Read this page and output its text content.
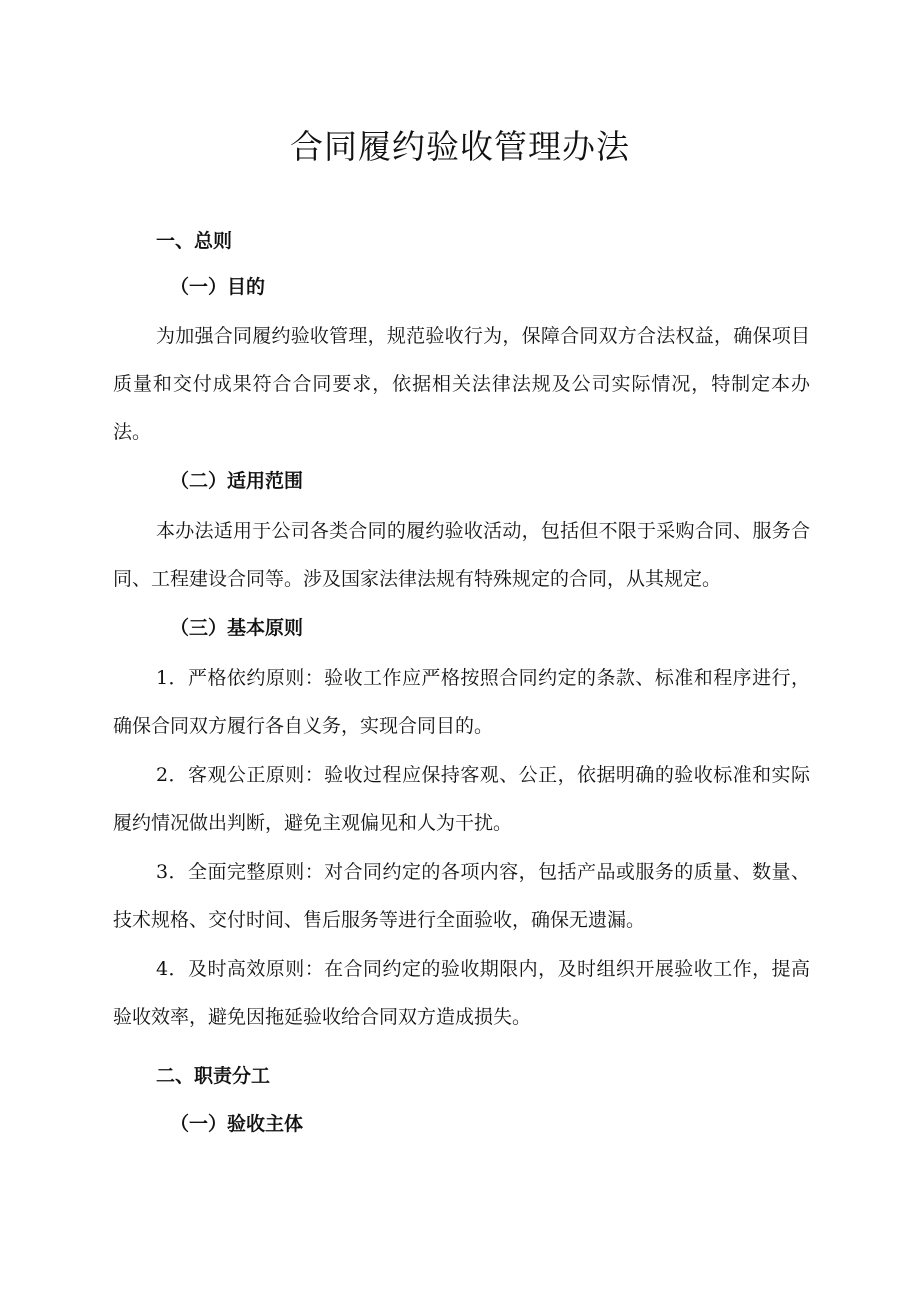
合同履约验收管理办法
一、总则
（一）目的

为加强合同履约验收管理，规范验收行为，保障合同双方合法权益，确保项目质量和交付成果符合合同要求，依据相关法律法规及公司实际情况，特制定本办法。

（二）适用范围

本办法适用于公司各类合同的履约验收活动，包括但不限于采购合同、服务合同、工程建设合同等。涉及国家法律法规有特殊规定的合同，从其规定。

（三）基本原则

1．严格依约原则：验收工作应严格按照合同约定的条款、标准和程序进行，确保合同双方履行各自义务，实现合同目的。

2．客观公正原则：验收过程应保持客观、公正，依据明确的验收标准和实际履约情况做出判断，避免主观偏见和人为干扰。

3．全面完整原则：对合同约定的各项内容，包括产品或服务的质量、数量、技术规格、交付时间、售后服务等进行全面验收，确保无遗漏。

4．及时高效原则：在合同约定的验收期限内，及时组织开展验收工作，提高验收效率，避免因拖延验收给合同双方造成损失。

二、职责分工
（一）验收主体
